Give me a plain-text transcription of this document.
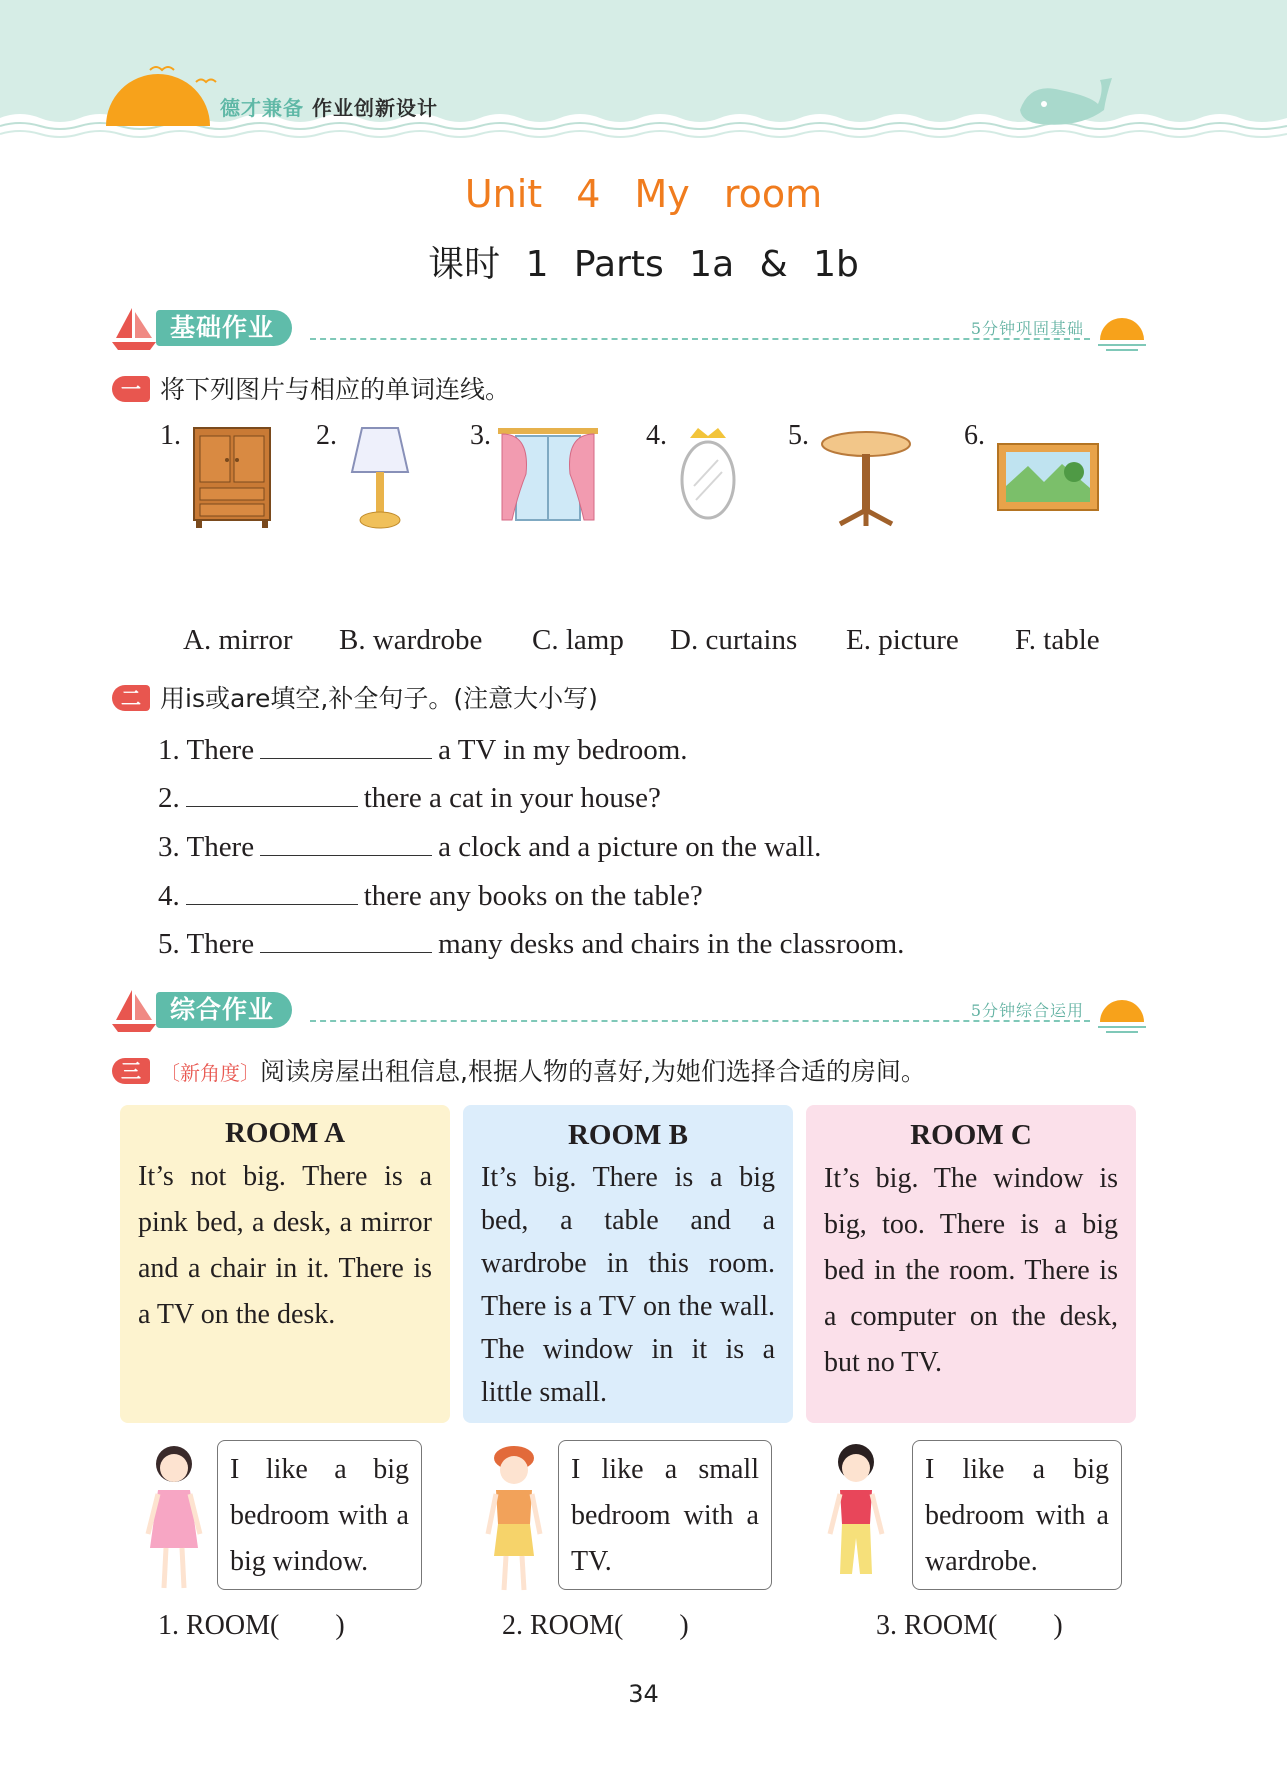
德才兼备 作业创新设计
Unit 4 My room
课时 1 Parts 1a & 1b
基础作业	5分钟巩固基础
一 将下列图片与相应的单词连线。
1.	2.	3.	4.	5.	6.
A. mirror B. wardrobe C. lamp D. curtains E. picture F. table
二 用is或are填空,补全句子。(注意大小写)
1. There	a TV in my bedroom.
2.	there a cat in your house?
3. There	a clock and a picture on the wall.
4.	there any books on the table?
5. There	many desks and chairs in the classroom.
综合作业	5分钟综合运用
三 〔新角度〕阅读房屋出租信息,根据人物的喜好,为她们选择合适的房间。
ROOM A

It’s not big. There is a pink bed, a desk, a mirror and a chair in it. There is a TV on the desk.

ROOM B

It’s big. There is a big bed, a table and a wardrobe in this room. There is a TV on the wall. The window in it is a little small.

ROOM C

It’s big. The window is big, too. There is a big bed in the room. There is a computer on the desk, but no TV.

I like a big bedroom with a big window.
I like a small bedroom with a TV.
I like a big bedroom with a wardrobe.
1. ROOM(        )	2. ROOM(        )	3. ROOM(        )
34
